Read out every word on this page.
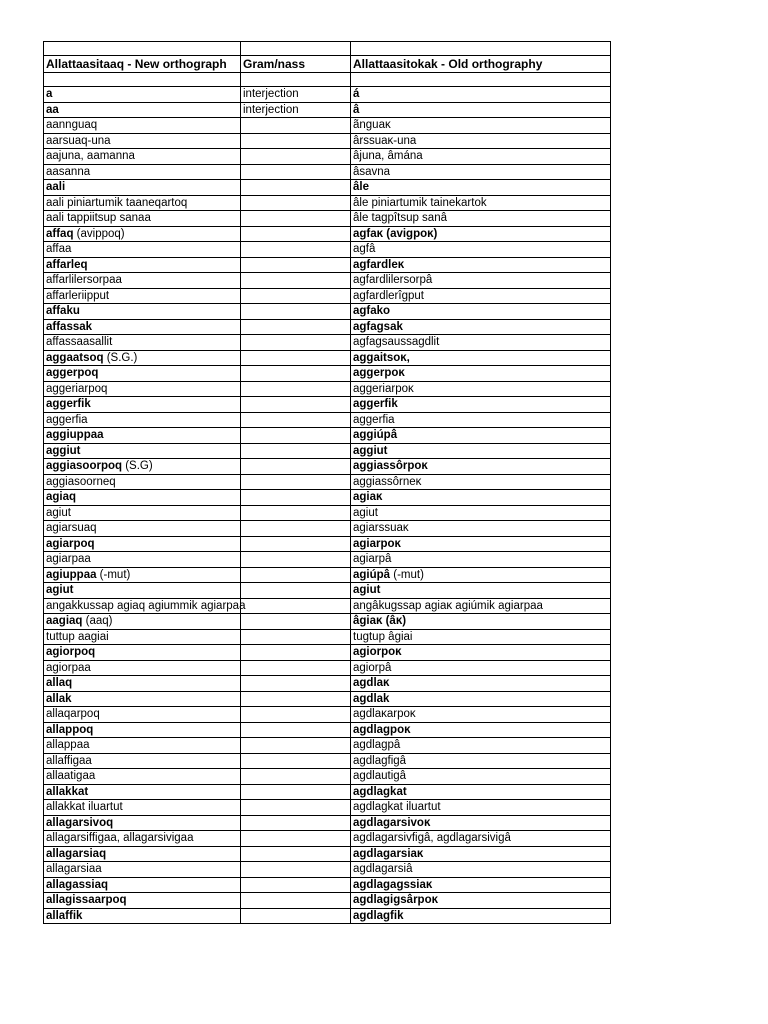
Allattaasitaaq - New orthograph	Gram/nass	Allattaasitokak - Old orthography

a	interjection	á
aa	interjection	â
aannguaq		ãnguaĸ
aarsuaq-una		ârssuaĸ-una
aajuna, aamanna		âjuna, âmána
aasanna		âsavna
aali		âle
aali piniartumik taaneqartoq		âle piniartumik tainekartok
aali tappiitsup sanaa		âle tagpîtsup sanâ
affaq (avippoq)		agfaĸ (avigpoĸ)
affaa		agfâ
affarleq		agfardleĸ
affarlilersorpaa		agfardlilersorpâ
affarleriipput		agfardlerîgput
affaku		agfako
affassak		agfagsak
affassaasallit		agfagsaussagdlit
aggaatsoq (S.G.)		aggaitsoĸ,
aggerpoq		aggerpoĸ
aggeriarpoq		aggeriarpoĸ
aggerfik		aggerfik
aggerfia		aggerfia
aggiuppaa		aggiúpâ
aggiut		aggiut
aggiasoorpoq (S.G)		aggiassôrpoĸ
aggiasoorneq		aggiassôrneĸ
agiaq		agiaĸ
agiut		agiut
agiarsuaq		agiarssuaĸ
agiarpoq		agiarpoĸ
agiarpaa		agiarpâ
agiuppaa (-mut)		agiúpâ (-mut)
agiut		agiut
angakkussap agiaq agiummik agiarpaa		angâkugssap agiaĸ agiúmik agiarpaa
aagiaq (aaq)		âgiaĸ (âĸ)
tuttup aagiai		tugtup âgiai
agiorpoq		agiorpoĸ
agiorpaa		agiorpâ
allaq		agdlaĸ
allak		agdlak
allaqarpoq		agdlaĸarpoĸ
allappoq		agdlagpoĸ
allappaa		agdlagpâ
allaffigaa		agdlagfigâ
allaatigaa		agdlautigâ
allakkat		agdlagkat
allakkat iluartut		agdlagkat iluartut
allagarsivoq		agdlagarsivoĸ
allagarsiffigaa, allagarsivigaa		agdlagarsivfigâ, agdlagarsivigâ
allagarsiaq		agdlagarsiaĸ
allagarsiaa		agdlagarsiâ
allagassiaq		agdlagagssiaĸ
allagissaarpoq		agdlagigsârpoĸ
allaffik		agdlagfik
